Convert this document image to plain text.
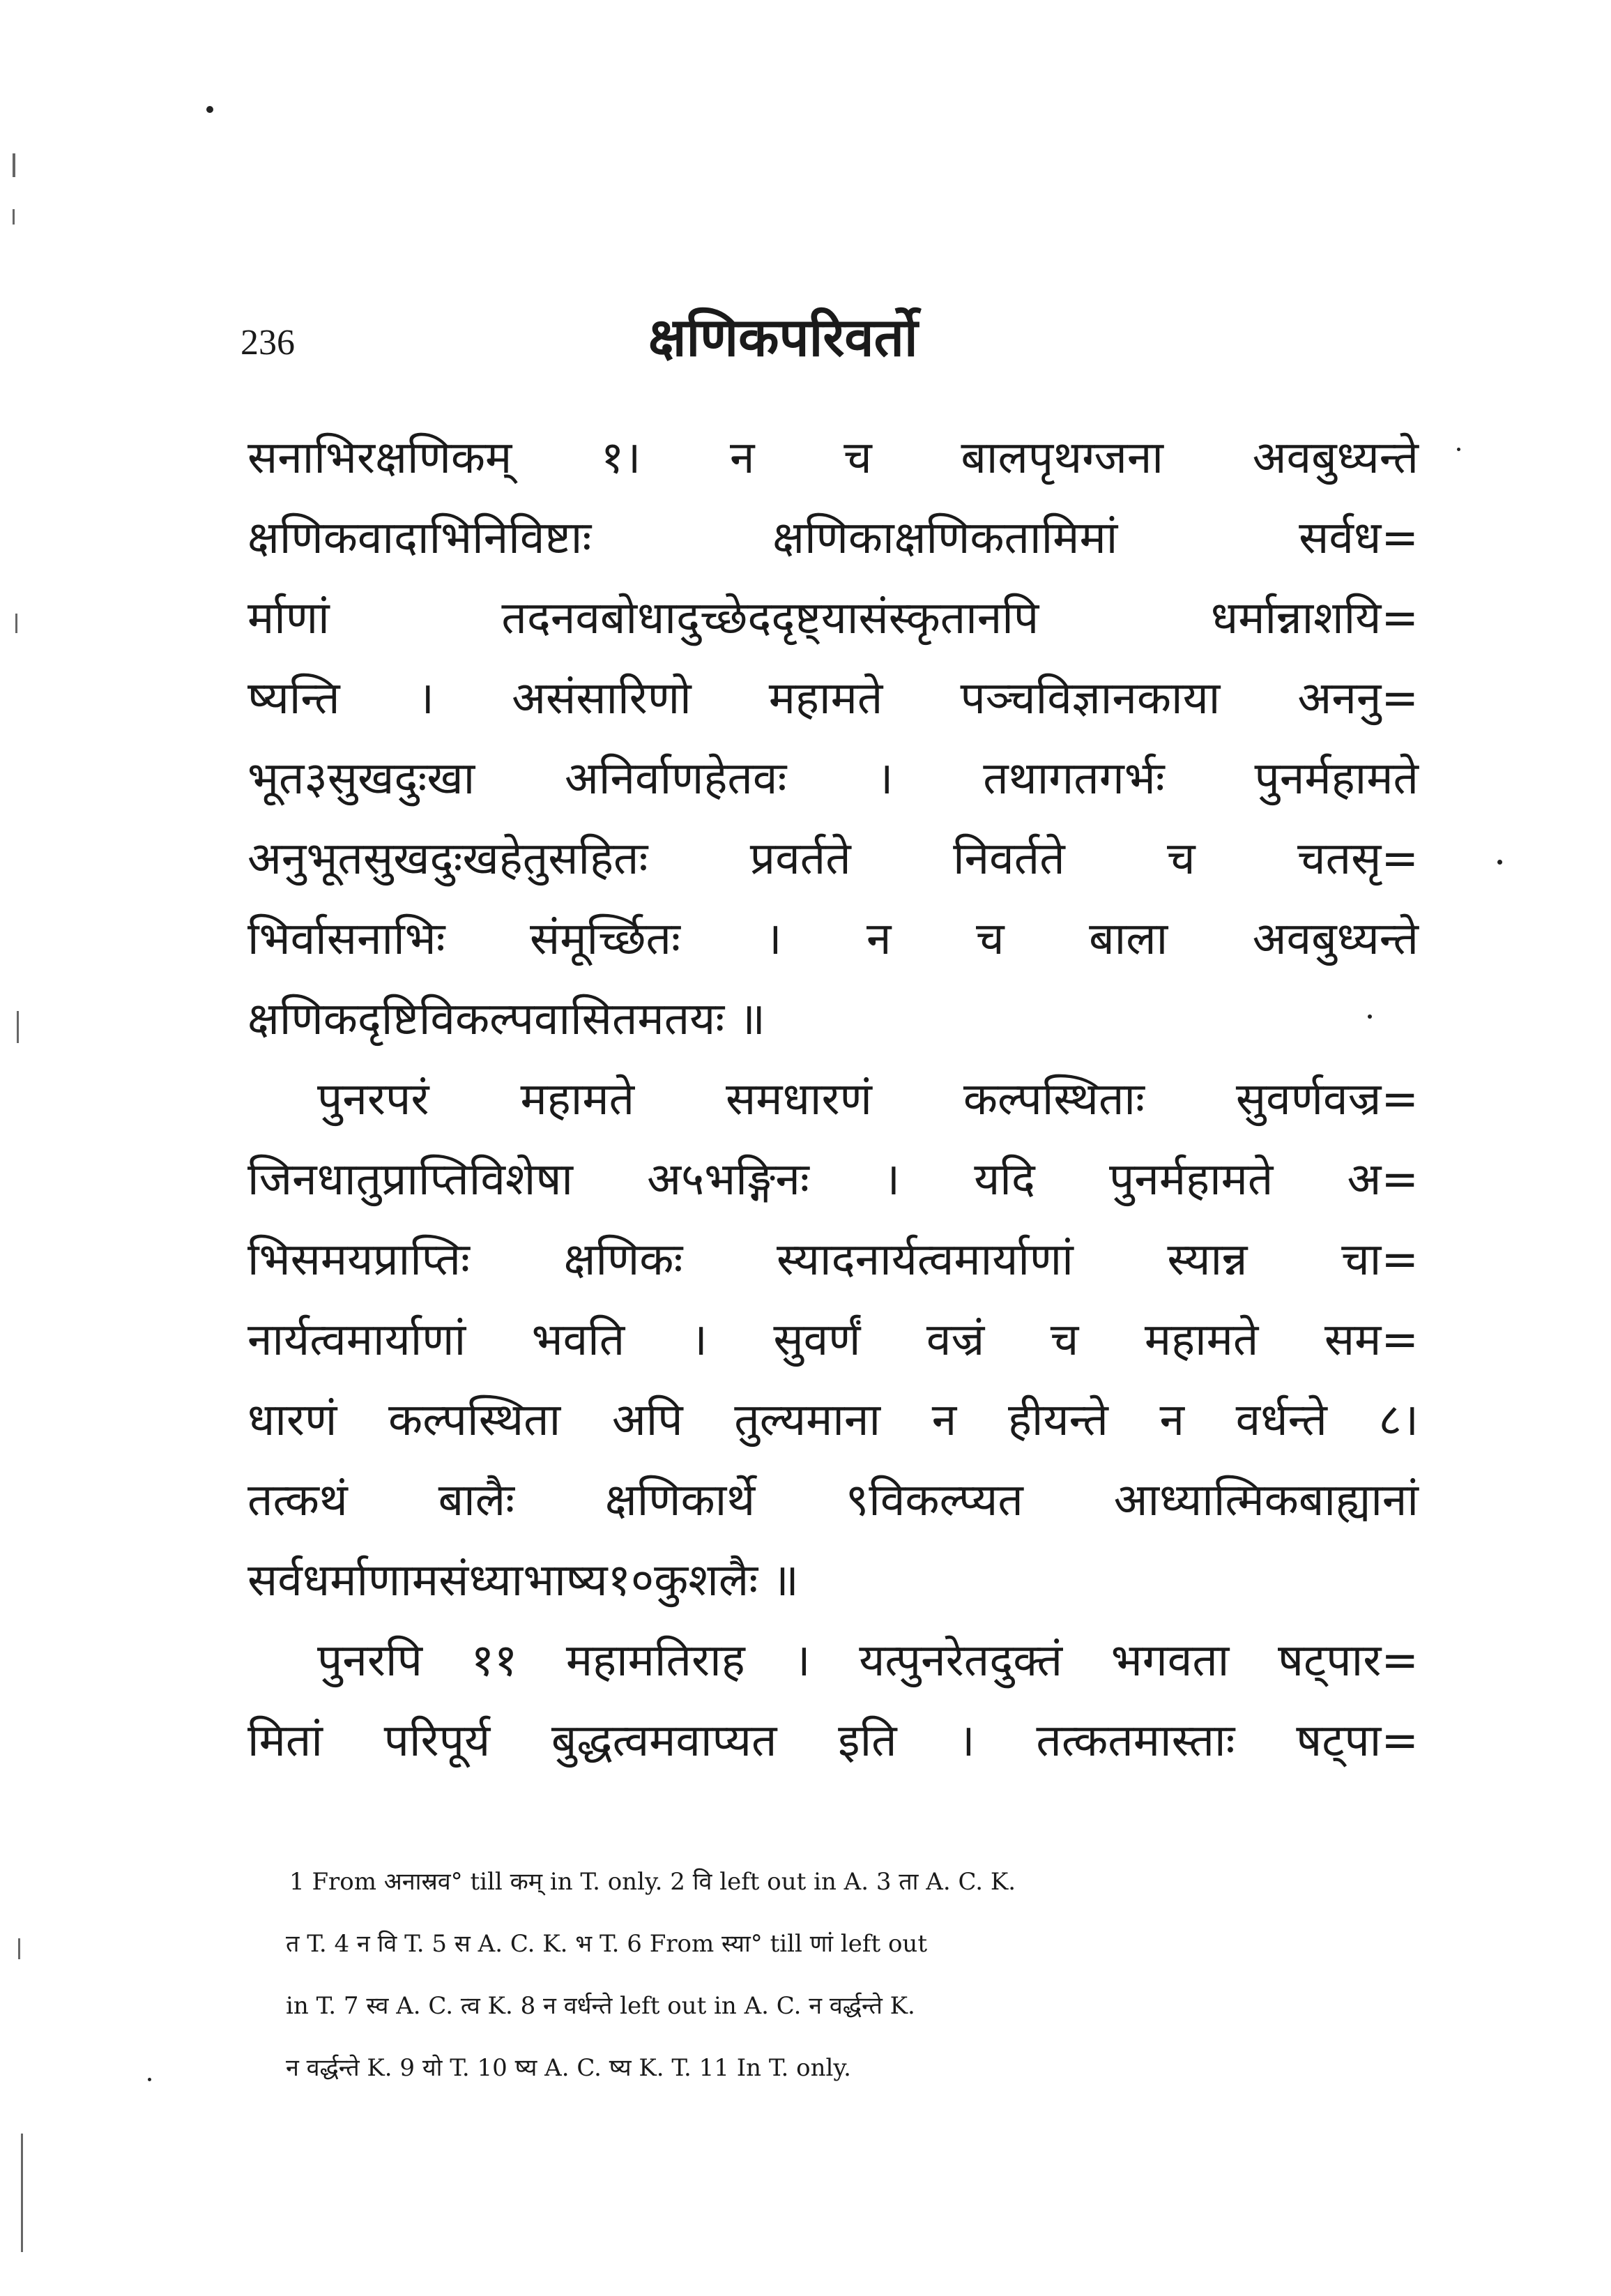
236	क्षणिकपरिवर्तो
सनाभिरक्षणिकम् १। न च बालपृथग्जना अवबुध्यन्ते
क्षणिकवादाभिनिविष्टाः क्षणिकाक्षणिकतामिमां सर्वध=
र्माणां तदनवबोधादुच्छेददृष्ट्यासंस्कृतानपि धर्मान्नाशयि=
ष्यन्ति । असंसारिणो महामते पञ्चविज्ञानकाया अननु=
भूत३सुखदुःखा अनिर्वाणहेतवः । तथागतगर्भः पुनर्महामते
अनुभूतसुखदुःखहेतुसहितः प्रवर्तते निवर्तते च चतसृ=
भिर्वासनाभिः संमूर्च्छितः । न च बाला अवबुध्यन्ते
क्षणिकदृष्टिविकल्पवासितमतयः ॥
पुनरपरं महामते समधारणं कल्पस्थिताः सुवर्णवज्र=
जिनधातुप्राप्तिविशेषा अ५भङ्गिनः । यदि पुनर्महामते अ=
भिसमयप्राप्तिः क्षणिकः स्यादनार्यत्वमार्याणां स्यान्न चा=
नार्यत्वमार्याणां भवति । सुवर्णं वज्रं च महामते सम=
धारणं कल्पस्थिता अपि तुल्यमाना न हीयन्ते न वर्धन्ते ८।
तत्कथं बालैः क्षणिकार्थे ९विकल्प्यत आध्यात्मिकबाह्यानां
सर्वधर्माणामसंध्याभाष्य१०कुशलैः ॥
पुनरपि ११ महामतिराह । यत्पुनरेतदुक्तं भगवता षट्पार=
मितां परिपूर्य बुद्धत्वमवाप्यत इति । तत्कतमास्ताः षट्पा=
1 From अनास्रव° till कम् in T. only. 2 वि left out in A. 3 ता A. C. K.
त T. 4 न वि T. 5 स A. C. K. भ T. 6 From स्या° till णां left out
in T. 7 स्व A. C. त्व K. 8 न वर्धन्ते left out in A. C. न वर्द्धन्ते K.
न वर्द्धन्ते K. 9 यो T. 10 ष्य A. C. ष्य K. T. 11 In T. only.
